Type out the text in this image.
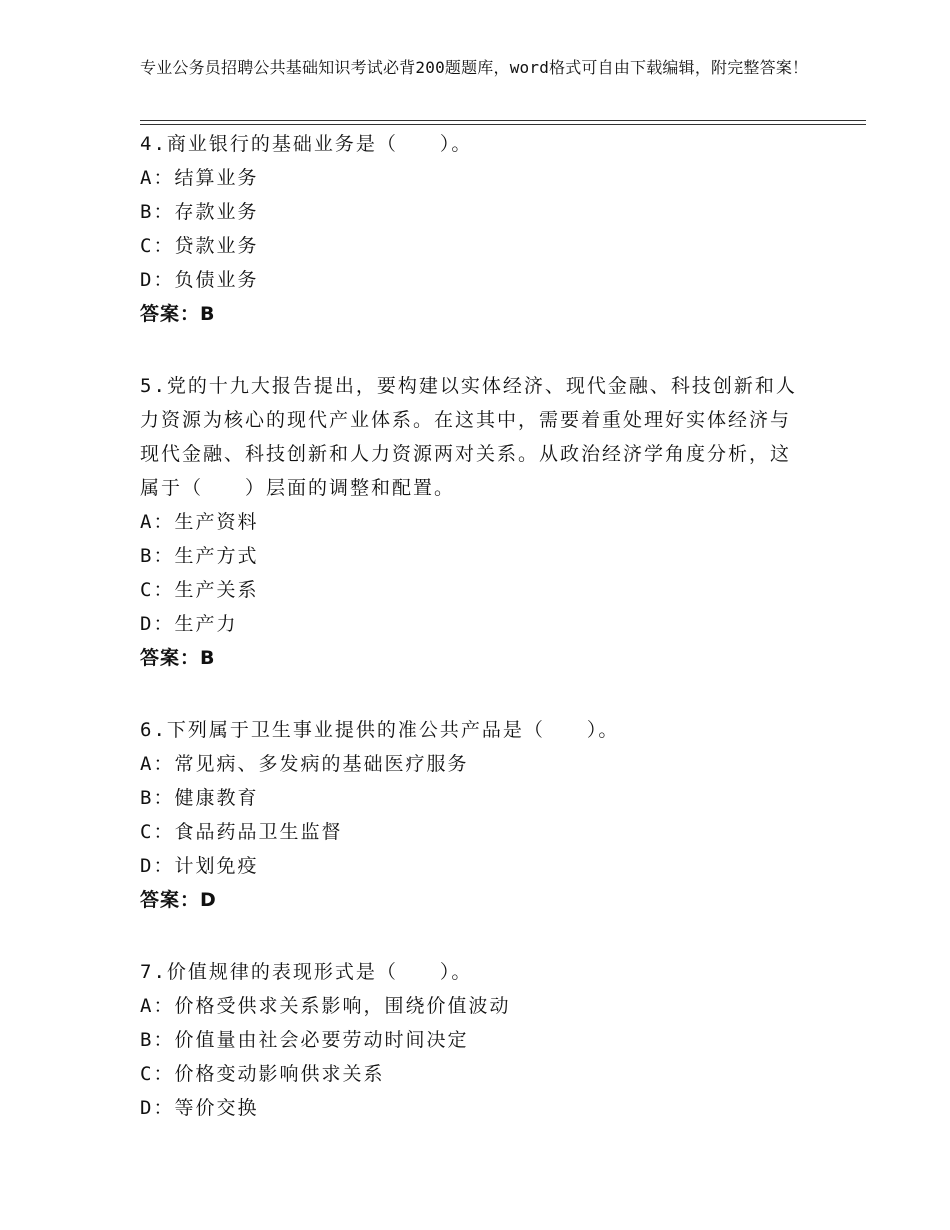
专业公务员招聘公共基础知识考试必背200题题库，word格式可自由下载编辑，附完整答案！
4.商业银行的基础业务是（　　）。
A：结算业务
B：存款业务
C：贷款业务
D：负债业务
答案：B
5.党的十九大报告提出，要构建以实体经济、现代金融、科技创新和人力资源为核心的现代产业体系。在这其中，需要着重处理好实体经济与现代金融、科技创新和人力资源两对关系。从政治经济学角度分析，这属于（　　）层面的调整和配置。
A：生产资料
B：生产方式
C：生产关系
D：生产力
答案：B
6.下列属于卫生事业提供的准公共产品是（　　）。
A：常见病、多发病的基础医疗服务
B：健康教育
C：食品药品卫生监督
D：计划免疫
答案：D
7.价值规律的表现形式是（　　）。
A：价格受供求关系影响，围绕价值波动
B：价值量由社会必要劳动时间决定
C：价格变动影响供求关系
D：等价交换
